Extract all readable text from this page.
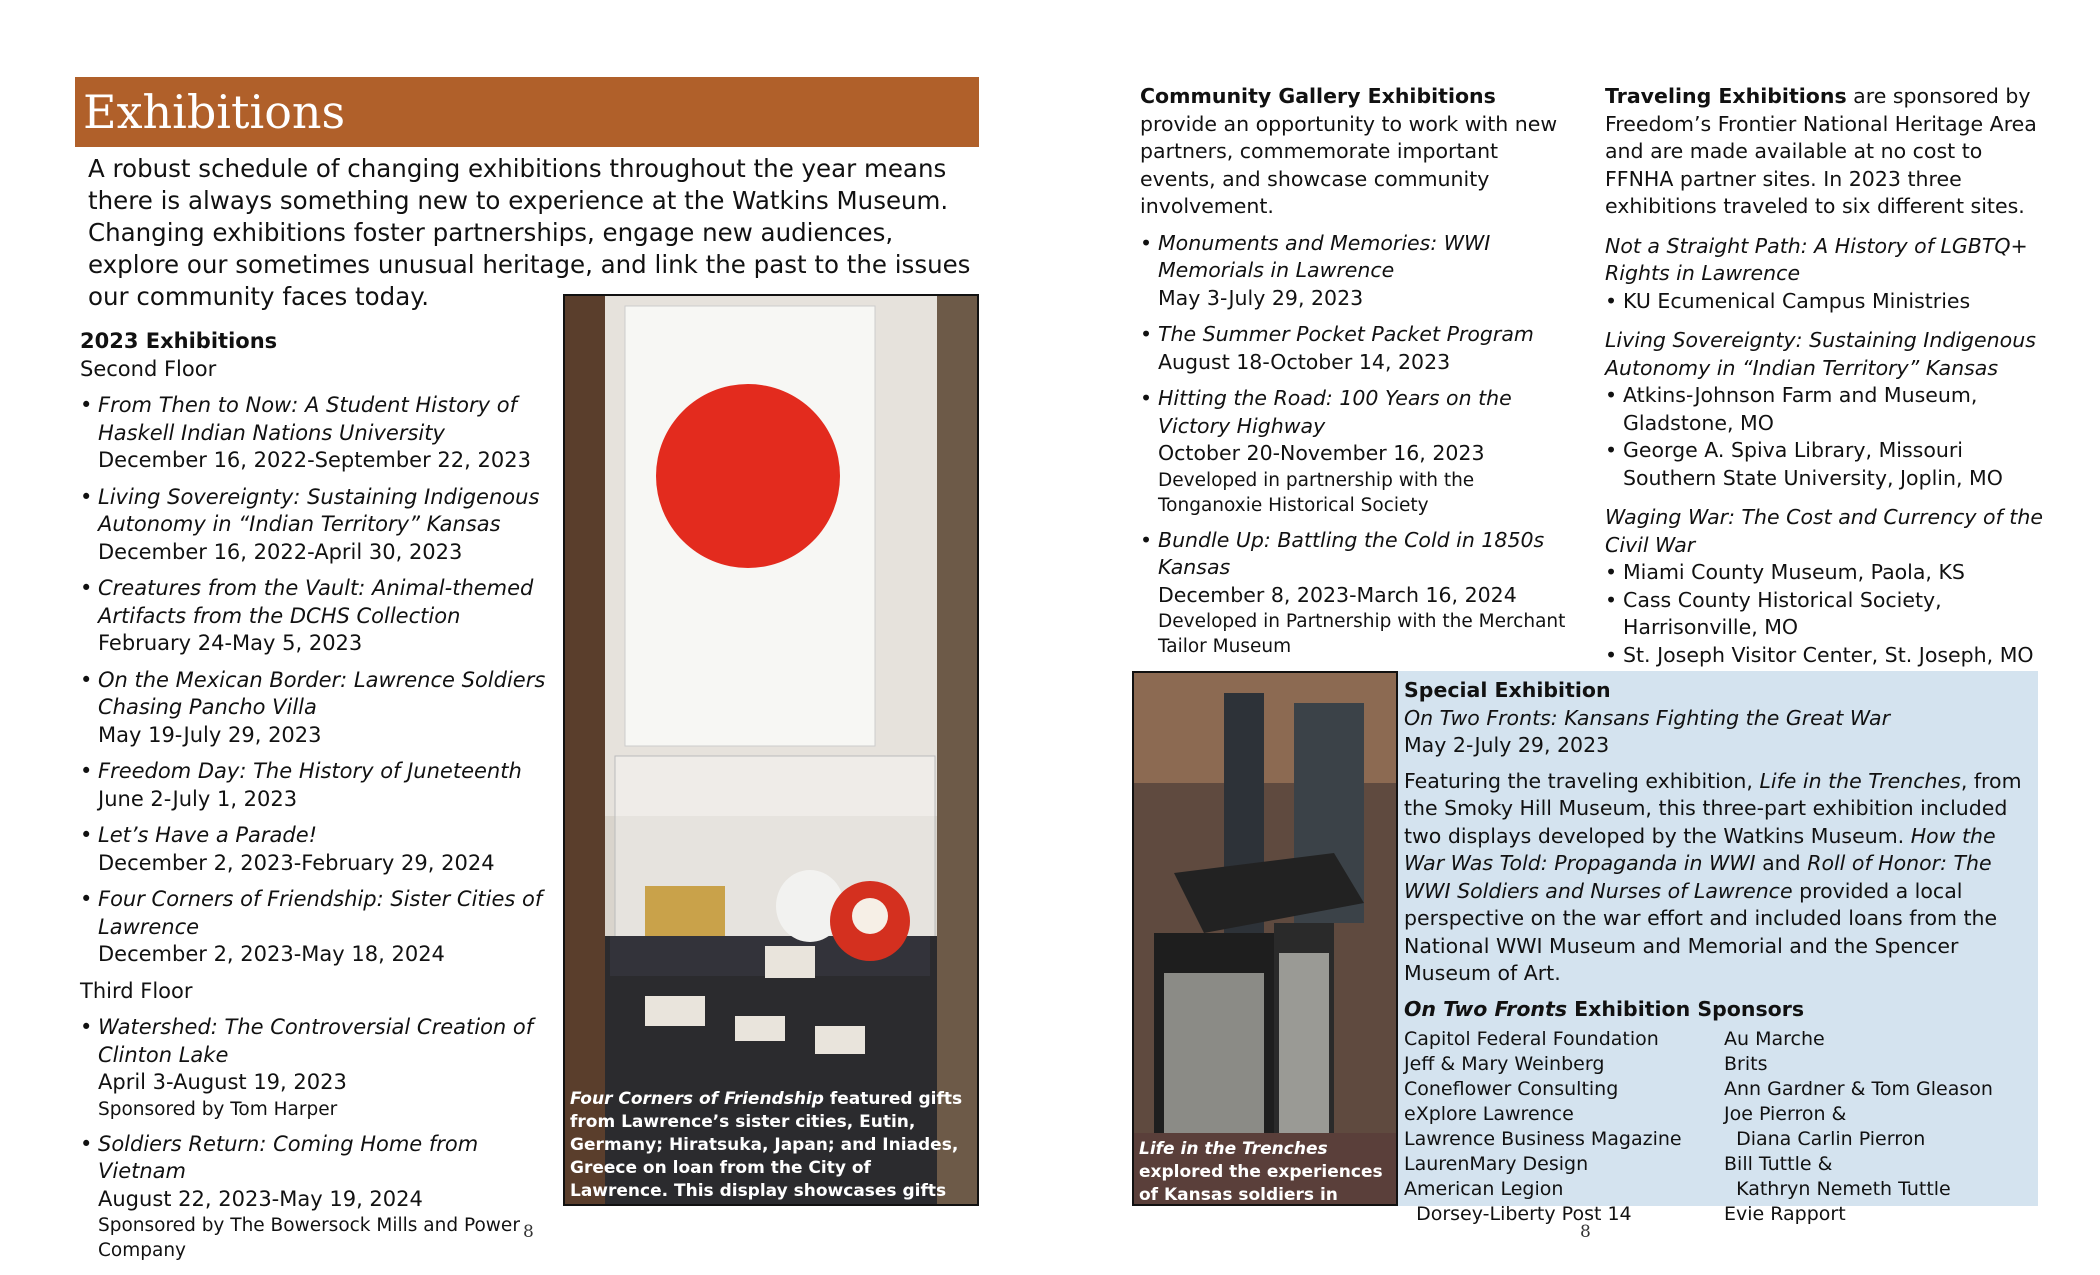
Exhibitions
A robust schedule of changing exhibitions throughout the year means there is always something new to experience at the Watkins Museum. Changing exhibitions foster partnerships, engage new audiences, explore our sometimes unusual heritage, and link the past to the issues our community faces today.
2023 Exhibitions
Second Floor
• From Then to Now: A Student History of Haskell Indian Nations University
December 16, 2022-September 22, 2023
• Living Sovereignty: Sustaining Indigenous Autonomy in “Indian Territory” Kansas
December 16, 2022-April 30, 2023
• Creatures from the Vault: Animal-themed Artifacts from the DCHS Collection
February 24-May 5, 2023
• On the Mexican Border: Lawrence Soldiers Chasing Pancho Villa
May 19-July 29, 2023
• Freedom Day: The History of Juneteenth
June 2-July 1, 2023
• Let’s Have a Parade!
December 2, 2023-February 29, 2024
• Four Corners of Friendship: Sister Cities of Lawrence
December 2, 2023-May 18, 2024
Third Floor
• Watershed: The Controversial Creation of Clinton Lake
April 3-August 19, 2023
Sponsored by Tom Harper
• Soldiers Return: Coming Home from Vietnam
August 22, 2023-May 19, 2024
Sponsored by The Bowersock Mills and Power Company
Four Corners of Friendship featured gifts from Lawrence’s sister cities, Eutin, Germany; Hiratsuka, Japan; and Iniades, Greece on loan from the City of Lawrence. This display showcases gifts from Hiratsuka.
8
Community Gallery Exhibitions provide an opportunity to work with new partners, commemorate important events, and showcase community involvement.
• Monuments and Memories: WWI Memorials in Lawrence
May 3-July 29, 2023
• The Summer Pocket Packet Program
August 18-October 14, 2023
• Hitting the Road: 100 Years on the Victory Highway
October 20-November 16, 2023
Developed in partnership with the Tonganoxie Historical Society
• Bundle Up: Battling the Cold in 1850s Kansas
December 8, 2023-March 16, 2024
Developed in Partnership with the Merchant Tailor Museum
Traveling Exhibitions are sponsored by Freedom’s Frontier National Heritage Area and are made available at no cost to FFNHA partner sites. In 2023 three exhibitions traveled to six different sites.
Not a Straight Path: A History of LGBTQ+ Rights in Lawrence
• KU Ecumenical Campus Ministries
Living Sovereignty: Sustaining Indigenous Autonomy in “Indian Territory” Kansas
• Atkins-Johnson Farm and Museum, Gladstone, MO
• George A. Spiva Library, Missouri Southern State University, Joplin, MO
Waging War: The Cost and Currency of the Civil War
• Miami County Museum, Paola, KS
• Cass County Historical Society, Harrisonville, MO
• St. Joseph Visitor Center, St. Joseph, MO
Life in the Trenches explored the experiences of Kansas soldiers in World War I.
Special Exhibition
On Two Fronts: Kansans Fighting the Great War
May 2-July 29, 2023
Featuring the traveling exhibition, Life in the Trenches, from the Smoky Hill Museum, this three-part exhibition included two displays developed by the Watkins Museum. How the War Was Told: Propaganda in WWI and Roll of Honor: The WWI Soldiers and Nurses of Lawrence provided a local perspective on the war effort and included loans from the National WWI Museum and Memorial and the Spencer Museum of Art.
On Two Fronts Exhibition Sponsors
Capitol Federal Foundation
Jeff & Mary Weinberg
Coneflower Consulting
eXplore Lawrence
Lawrence Business Magazine
LaurenMary Design
American Legion
Dorsey-Liberty Post 14
Au Marche
Brits
Ann Gardner & Tom Gleason
Joe Pierron &
Diana Carlin Pierron
Bill Tuttle &
Kathryn Nemeth Tuttle
Evie Rapport
8
